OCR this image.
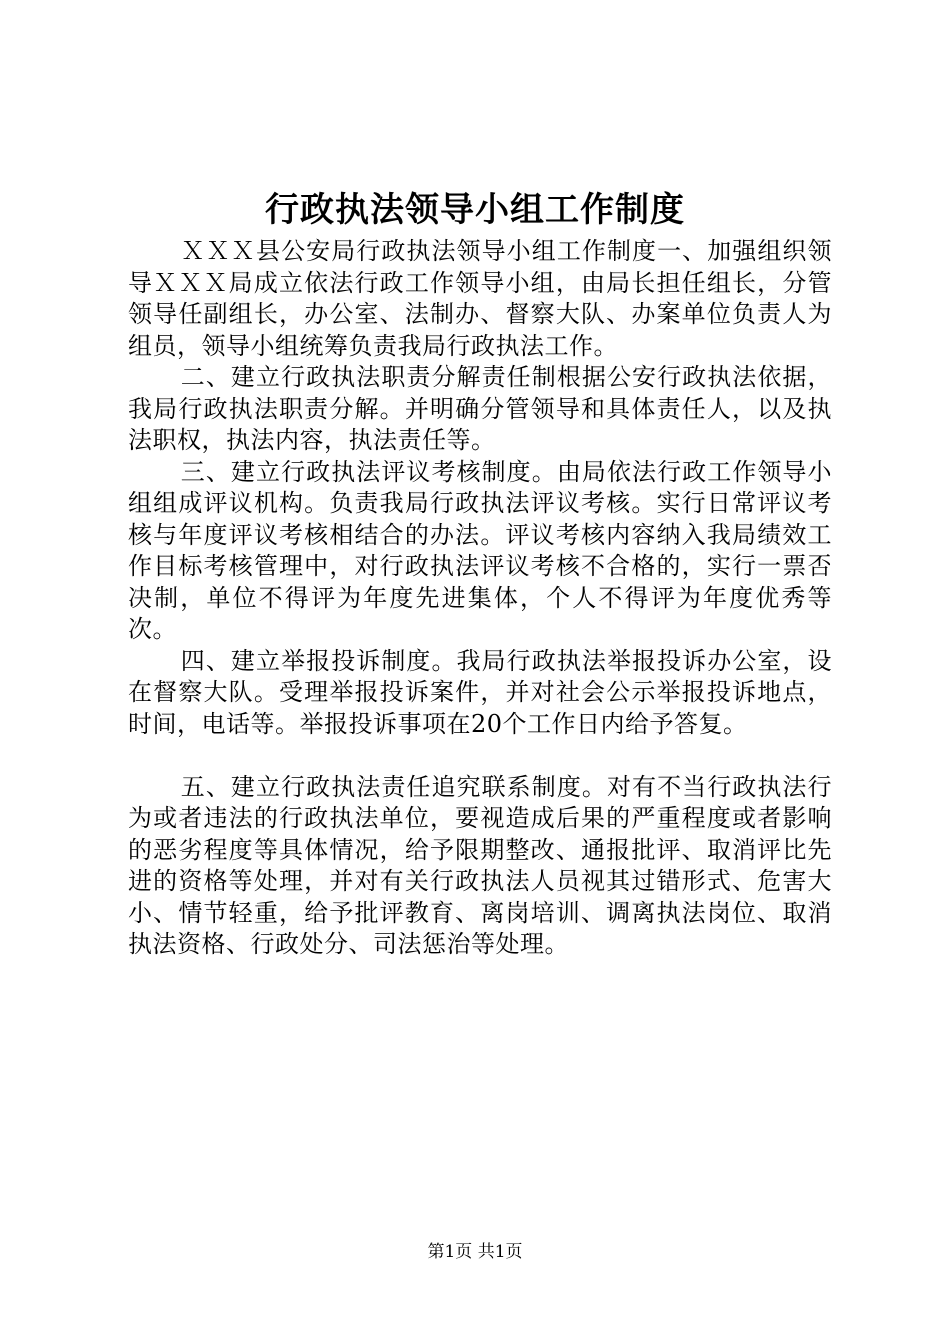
行政执法领导小组工作制度

ＸＸＸ县公安局行政执法领导小组工作制度一、加强组织领导ＸＸＸ局成立依法行政工作领导小组，由局长担任组长，分管领导任副组长，办公室、法制办、督察大队、办案单位负责人为组员，领导小组统筹负责我局行政执法工作。

二、建立行政执法职责分解责任制根据公安行政执法依据，我局行政执法职责分解。并明确分管领导和具体责任人，以及执法职权，执法内容，执法责任等。

三、建立行政执法评议考核制度。由局依法行政工作领导小组组成评议机构。负责我局行政执法评议考核。实行日常评议考核与年度评议考核相结合的办法。评议考核内容纳入我局绩效工作目标考核管理中，对行政执法评议考核不合格的，实行一票否决制，单位不得评为年度先进集体，个人不得评为年度优秀等次。

四、建立举报投诉制度。我局行政执法举报投诉办公室，设在督察大队。受理举报投诉案件，并对社会公示举报投诉地点，时间，电话等。举报投诉事项在20个工作日内给予答复。

五、建立行政执法责任追究联系制度。对有不当行政执法行为或者违法的行政执法单位，要视造成后果的严重程度或者影响的恶劣程度等具体情况，给予限期整改、通报批评、取消评比先进的资格等处理，并对有关行政执法人员视其过错形式、危害大小、情节轻重，给予批评教育、离岗培训、调离执法岗位、取消执法资格、行政处分、司法惩治等处理。

第1页 共1页
